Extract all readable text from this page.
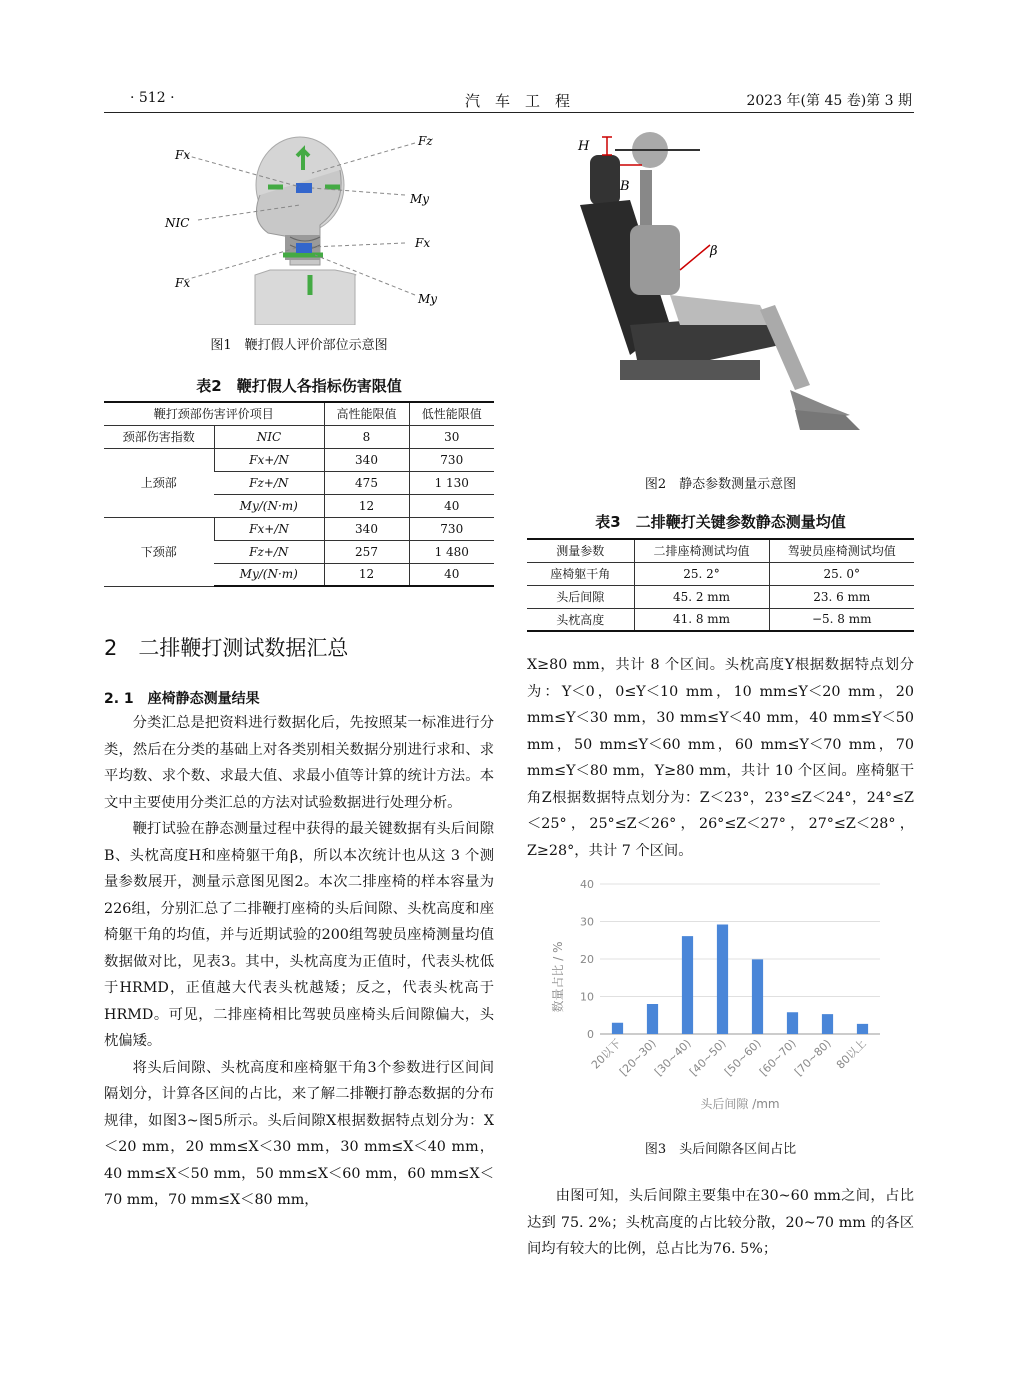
· 512 ·	汽　车　工　程	2023 年(第 45 卷)第 3 期
Fx
Fz
NIC
My
Fx
Fx
My
图1　鞭打假人评价部位示意图
表2　鞭打假人各指标伤害限值
鞭打颈部伤害评价项目		高性能限值	低性能限值
颈部伤害指数	NIC	8	30
上颈部	Fx+/N	340	730
	Fz+/N	475	1 130
	My/(N·m)	12	40
下颈部	Fx+/N	340	730
	Fz+/N	257	1 480
	My/(N·m)	12	40
2　二排鞭打测试数据汇总
2. 1　座椅静态测量结果

分类汇总是把资料进行数据化后，先按照某一标准进行分类，然后在分类的基础上对各类别相关数据分别进行求和、求平均数、求个数、求最大值、求最小值等计算的统计方法。本文中主要使用分类汇总的方法对试验数据进行处理分析。

鞭打试验在静态测量过程中获得的最关键数据有头后间隙B、头枕高度H和座椅躯干角β，所以本次统计也从这 3 个测量参数展开，测量示意图见图2。本次二排座椅的样本容量为226组，分别汇总了二排鞭打座椅的头后间隙、头枕高度和座椅躯干角的均值，并与近期试验的200组驾驶员座椅测量均值数据做对比，见表3。其中，头枕高度为正值时，代表头枕低于HRMD，正值越大代表头枕越矮；反之，代表头枕高于HRMD。可见，二排座椅相比驾驶员座椅头后间隙偏大，头枕偏矮。

将头后间隙、头枕高度和座椅躯干角3个参数进行区间间隔划分，计算各区间的占比，来了解二排鞭打静态数据的分布规律，如图3~图5所示。头后间隙X根据数据特点划分为：X＜20 mm，20 mm≤X＜30 mm，30 mm≤X＜40 mm，40 mm≤X＜50 mm，50 mm≤X＜60 mm，60 mm≤X＜70 mm，70 mm≤X＜80 mm，

H
B
β
图2　静态参数测量示意图
表3　二排鞭打关键参数静态测量均值
测量参数	二排座椅测试均值	驾驶员座椅测试均值
座椅躯干角	25. 2°	25. 0°
头后间隙	45. 2 mm	23. 6 mm
头枕高度	41. 8 mm	−5. 8 mm

X≥80 mm，共计 8 个区间。头枕高度Y根据数据特点划分为：Y＜0，0≤Y＜10 mm，10 mm≤Y＜20 mm，20 mm≤Y＜30 mm，30 mm≤Y＜40 mm，40 mm≤Y＜50 mm，50 mm≤Y＜60 mm，60 mm≤Y＜70 mm，70 mm≤Y＜80 mm，Y≥80 mm，共计 10 个区间。座椅躯干角Z根据数据特点划分为：Z＜23°，23°≤Z＜24°，24°≤Z＜25°，25°≤Z＜26°，26°≤Z＜27°，27°≤Z＜28°，Z≥28°，共计 7 个区间。

0
10
20
30
40
20以下
[20~30)
[30~40)
[40~50)
[50~60)
[60~70)
[70~80) 80以上
数量占比 / %
头后间隙 /mm
图3　头后间隙各区间占比

由图可知，头后间隙主要集中在30~60 mm之间，占比达到 75. 2%；头枕高度的占比较分散，20~70 mm 的各区间均有较大的比例，总占比为76. 5%；
